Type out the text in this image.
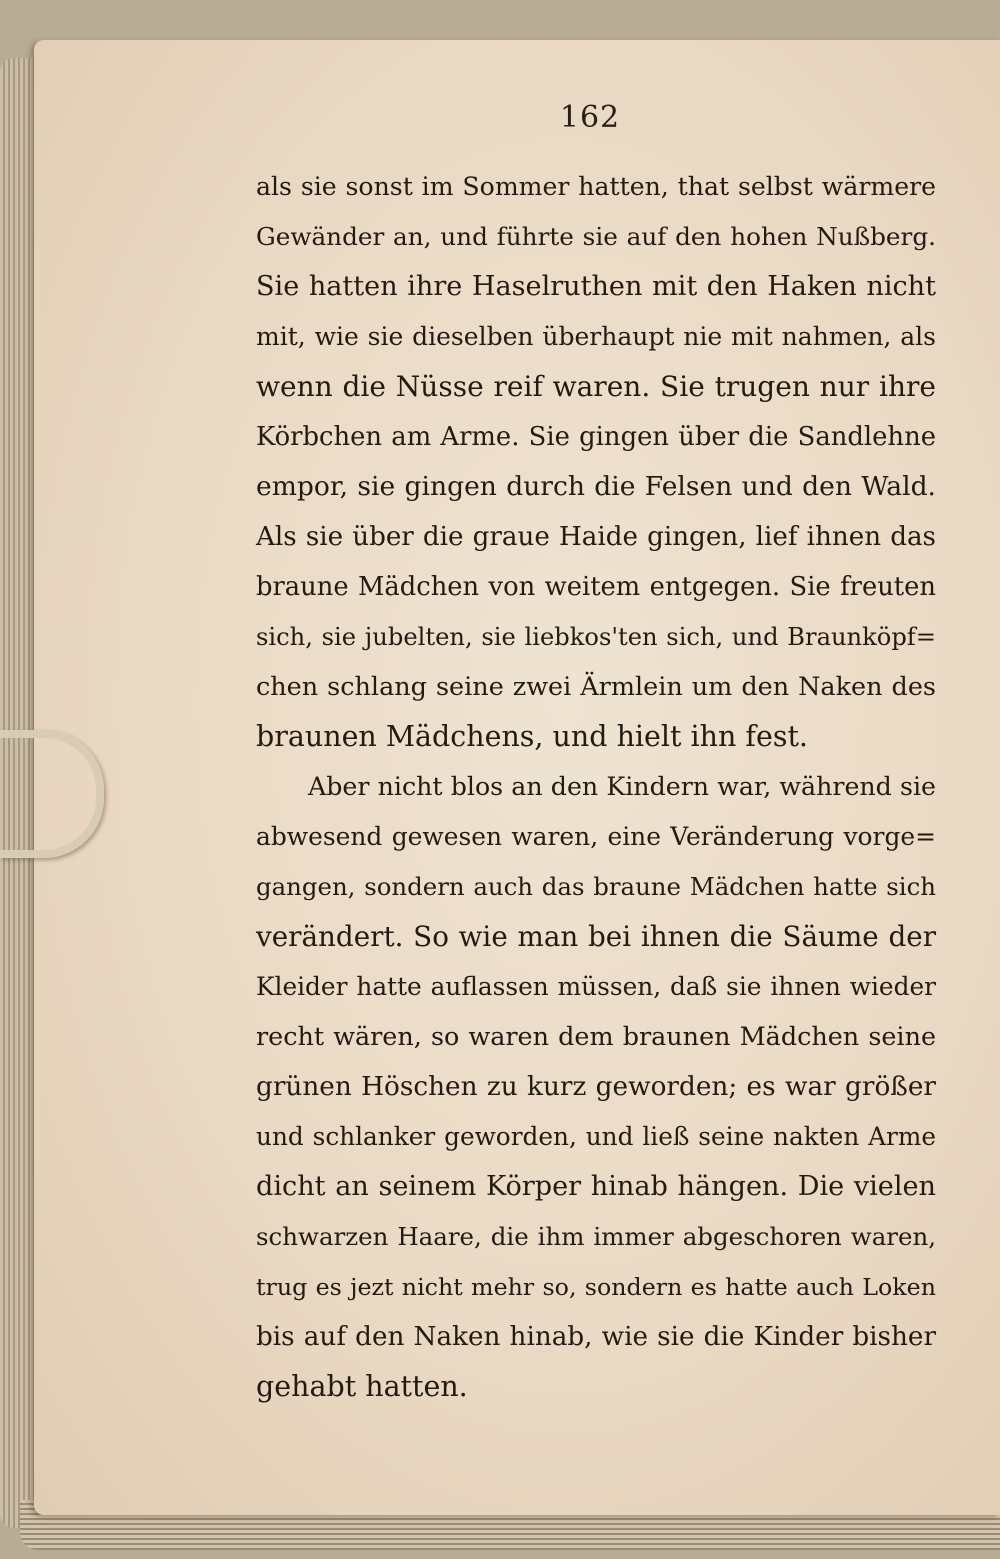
162
als sie sonst im Sommer hatten, that selbst wärmere
Gewänder an, und führte sie auf den hohen Nußberg.
Sie hatten ihre Haselruthen mit den Haken nicht
mit, wie sie dieselben überhaupt nie mit nahmen, als
wenn die Nüsse reif waren. Sie trugen nur ihre
Körbchen am Arme. Sie gingen über die Sandlehne
empor, sie gingen durch die Felsen und den Wald.
Als sie über die graue Haide gingen, lief ihnen das
braune Mädchen von weitem entgegen. Sie freuten
sich, sie jubelten, sie liebkos'ten sich, und Braunköpf=
chen schlang seine zwei Ärmlein um den Naken des
braunen Mädchens, und hielt ihn fest.
Aber nicht blos an den Kindern war, während sie
abwesend gewesen waren, eine Veränderung vorge=
gangen, sondern auch das braune Mädchen hatte sich
verändert. So wie man bei ihnen die Säume der
Kleider hatte auflassen müssen, daß sie ihnen wieder
recht wären, so waren dem braunen Mädchen seine
grünen Höschen zu kurz geworden; es war größer
und schlanker geworden, und ließ seine nakten Arme
dicht an seinem Körper hinab hängen. Die vielen
schwarzen Haare, die ihm immer abgeschoren waren,
trug es jezt nicht mehr so, sondern es hatte auch Loken
bis auf den Naken hinab, wie sie die Kinder bisher
gehabt hatten.
